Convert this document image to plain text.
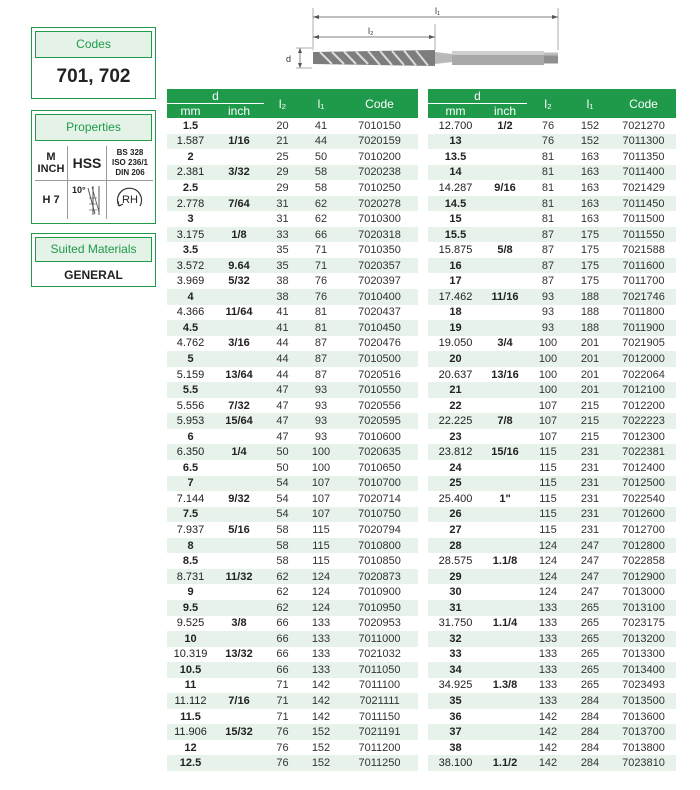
Codes
701, 702
Properties
M
INCH HSS
BS 328
ISO 236/1
DIN 206
H 7
10°
RH
Suited Materials
GENERAL
l₁
l₂
d
d		l₂	l₁	Code
mm	inch			
1.5		20	41	7010150
1.587	1/16	21	44	7020159
2		25	50	7010200
2.381	3/32	29	58	7020238
2.5		29	58	7010250
2.778	7/64	31	62	7020278
3		31	62	7010300
3.175	1/8	33	66	7020318
3.5		35	71	7010350
3.572	9.64	35	71	7020357
3.969	5/32	38	76	7020397
4		38	76	7010400
4.366	11/64	41	81	7020437
4.5		41	81	7010450
4.762	3/16	44	87	7020476
5		44	87	7010500
5.159	13/64	44	87	7020516
5.5		47	93	7010550
5.556	7/32	47	93	7020556
5.953	15/64	47	93	7020595
6		47	93	7010600
6.350	1/4	50	100	7020635
6.5		50	100	7010650
7		54	107	7010700
7.144	9/32	54	107	7020714
7.5		54	107	7010750
7.937	5/16	58	115	7020794
8		58	115	7010800
8.5		58	115	7010850
8.731	11/32	62	124	7020873
9		62	124	7010900
9.5		62	124	7010950
9.525	3/8	66	133	7020953
10		66	133	7011000
10.319	13/32	66	133	7021032
10.5		66	133	7011050
11		71	142	7011100
11.112	7/16	71	142	7021111
11.5		71	142	7011150
11.906	15/32	76	152	7021191
12		76	152	7011200
12.5		76	152	7011250
d		l₂	l₁	Code
mm	inch			
12.700	1/2	76	152	7021270
13		76	152	7011300
13.5		81	163	7011350
14		81	163	7011400
14.287	9/16	81	163	7021429
14.5		81	163	7011450
15		81	163	7011500
15.5		87	175	7011550
15.875	5/8	87	175	7021588
16		87	175	7011600
17		87	175	7011700
17.462	11/16	93	188	7021746
18		93	188	7011800
19		93	188	7011900
19.050	3/4	100	201	7021905
20		100	201	7012000
20.637	13/16	100	201	7022064
21		100	201	7012100
22		107	215	7012200
22.225	7/8	107	215	7022223
23		107	215	7012300
23.812	15/16	115	231	7022381
24		115	231	7012400
25		115	231	7012500
25.400	1"	115	231	7022540
26		115	231	7012600
27		115	231	7012700
28		124	247	7012800
28.575	1.1/8	124	247	7022858
29		124	247	7012900
30		124	247	7013000
31		133	265	7013100
31.750	1.1/4	133	265	7023175
32		133	265	7013200
33		133	265	7013300
34		133	265	7013400
34.925	1.3/8	133	265	7023493
35		133	284	7013500
36		142	284	7013600
37		142	284	7013700
38		142	284	7013800
38.100	1.1/2	142	284	7023810
